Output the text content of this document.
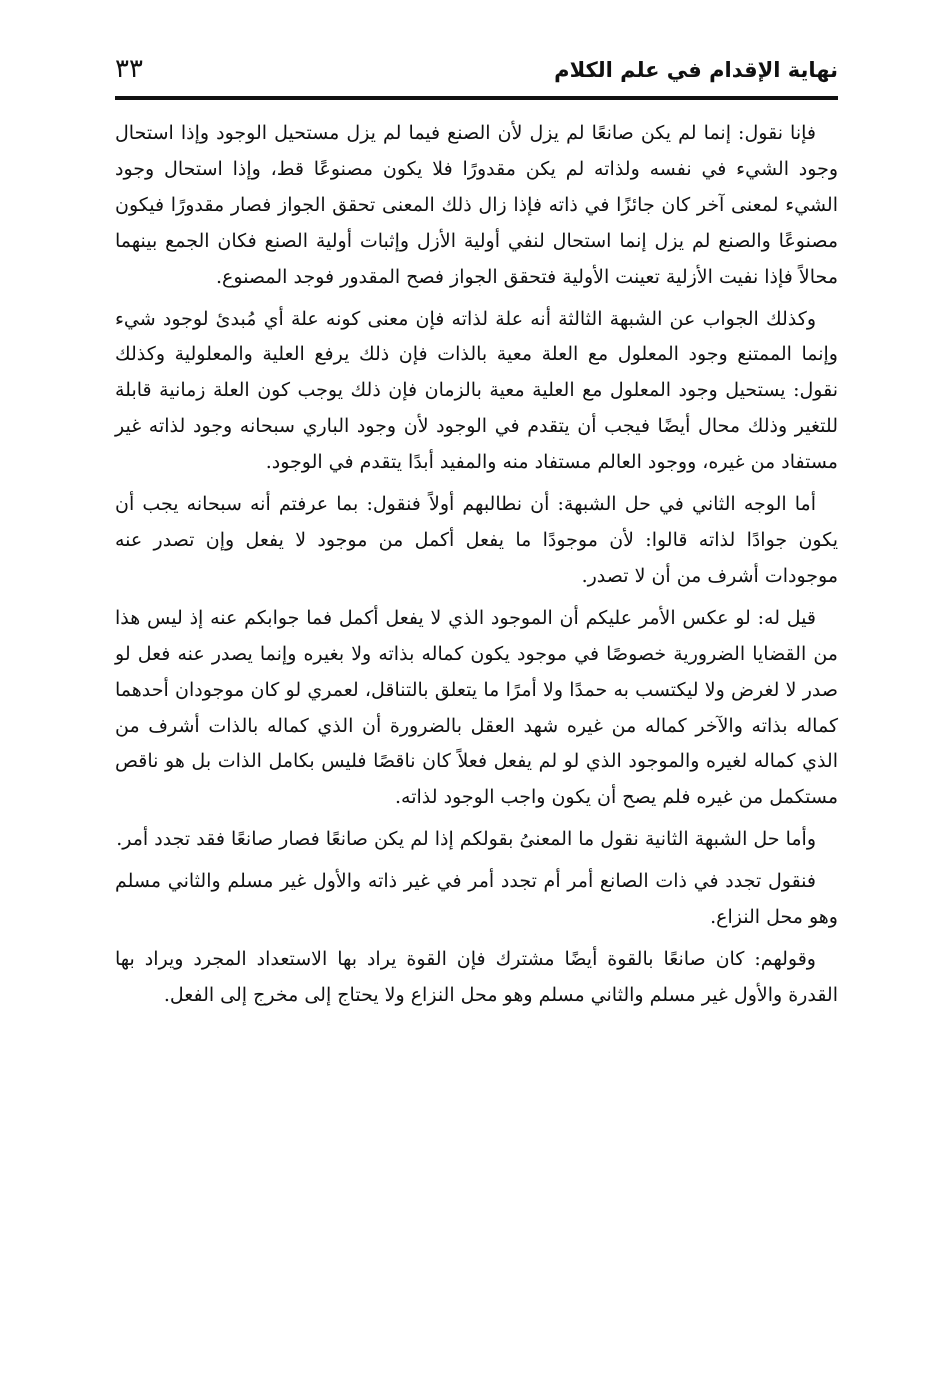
نهاية الإقدام في علم الكلام
٣٣

فإنا نقول: إنما لم يكن صانعًا لم يزل لأن الصنع فيما لم يزل مستحيل الوجود وإذا استحال وجود الشيء في نفسه ولذاته لم يكن مقدورًا فلا يكون مصنوعًا قط، وإذا استحال وجود الشيء لمعنى آخر كان جائزًا في ذاته فإذا زال ذلك المعنى تحقق الجواز فصار مقدورًا فيكون مصنوعًا والصنع لم يزل إنما استحال لنفي أولية الأزل وإثبات أولية الصنع فكان الجمع بينهما محالاً فإذا نفيت الأزلية تعينت الأولية فتحقق الجواز فصح المقدور فوجد المصنوع.

وكذلك الجواب عن الشبهة الثالثة أنه علة لذاته فإن معنى كونه علة أي مُبدئ لوجود شيء وإنما الممتنع وجود المعلول مع العلة معية بالذات فإن ذلك يرفع العلية والمعلولية وكذلك نقول: يستحيل وجود المعلول مع العلية معية بالزمان فإن ذلك يوجب كون العلة زمانية قابلة للتغير وذلك محال أيضًا فيجب أن يتقدم في الوجود لأن وجود الباري سبحانه وجود لذاته غير مستفاد من غيره، ووجود العالم مستفاد منه والمفيد أبدًا يتقدم في الوجود.

أما الوجه الثاني في حل الشبهة: أن نطالبهم أولاً فنقول: بما عرفتم أنه سبحانه يجب أن يكون جوادًا لذاته قالوا: لأن موجودًا ما يفعل أكمل من موجود لا يفعل وإن تصدر عنه موجودات أشرف من أن لا تصدر.

قيل له: لو عكس الأمر عليكم أن الموجود الذي لا يفعل أكمل فما جوابكم عنه إذ ليس هذا من القضايا الضرورية خصوصًا في موجود يكون كماله بذاته ولا بغيره وإنما يصدر عنه فعل لو صدر لا لغرض ولا ليكتسب به حمدًا ولا أمرًا ما يتعلق بالتناقل، لعمري لو كان موجودان أحدهما كماله بذاته والآخر كماله من غيره شهد العقل بالضرورة أن الذي كماله بالذات أشرف من الذي كماله لغيره والموجود الذي لو لم يفعل فعلاً كان ناقصًا فليس بكامل الذات بل هو ناقص مستكمل من غيره فلم يصح أن يكون واجب الوجود لذاته.

وأما حل الشبهة الثانية نقول ما المعنىُ بقولكم إذا لم يكن صانعًا فصار صانعًا فقد تجدد أمر.

فنقول تجدد في ذات الصانع أمر أم تجدد أمر في غير ذاته والأول غير مسلم والثاني مسلم وهو محل النزاع.

وقولهم: كان صانعًا بالقوة أيضًا مشترك فإن القوة يراد بها الاستعداد المجرد ويراد بها القدرة والأول غير مسلم والثاني مسلم وهو محل النزاع ولا يحتاج إلى مخرج إلى الفعل.
